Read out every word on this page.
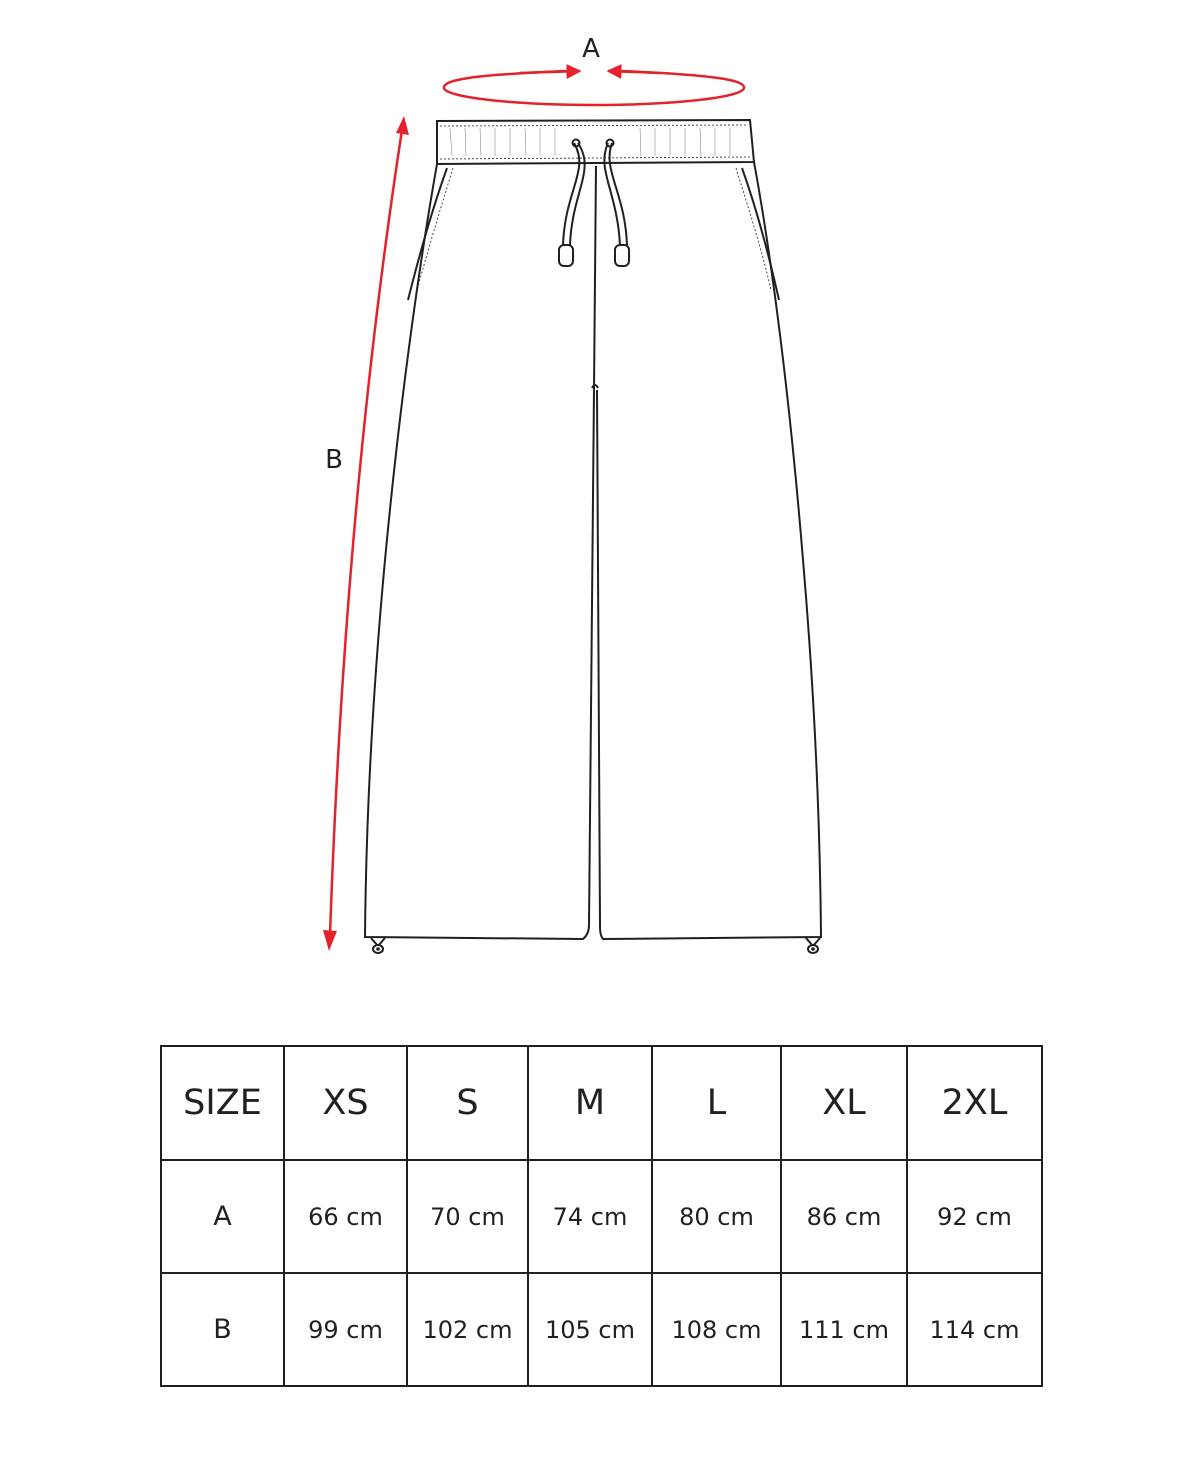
A
B
SIZE	XS	S	M	L	XL	2XL
A	66 cm	70 cm	74 cm	80 cm	86 cm	92 cm
B	99 cm	102 cm	105 cm	108 cm	111 cm	114 cm
